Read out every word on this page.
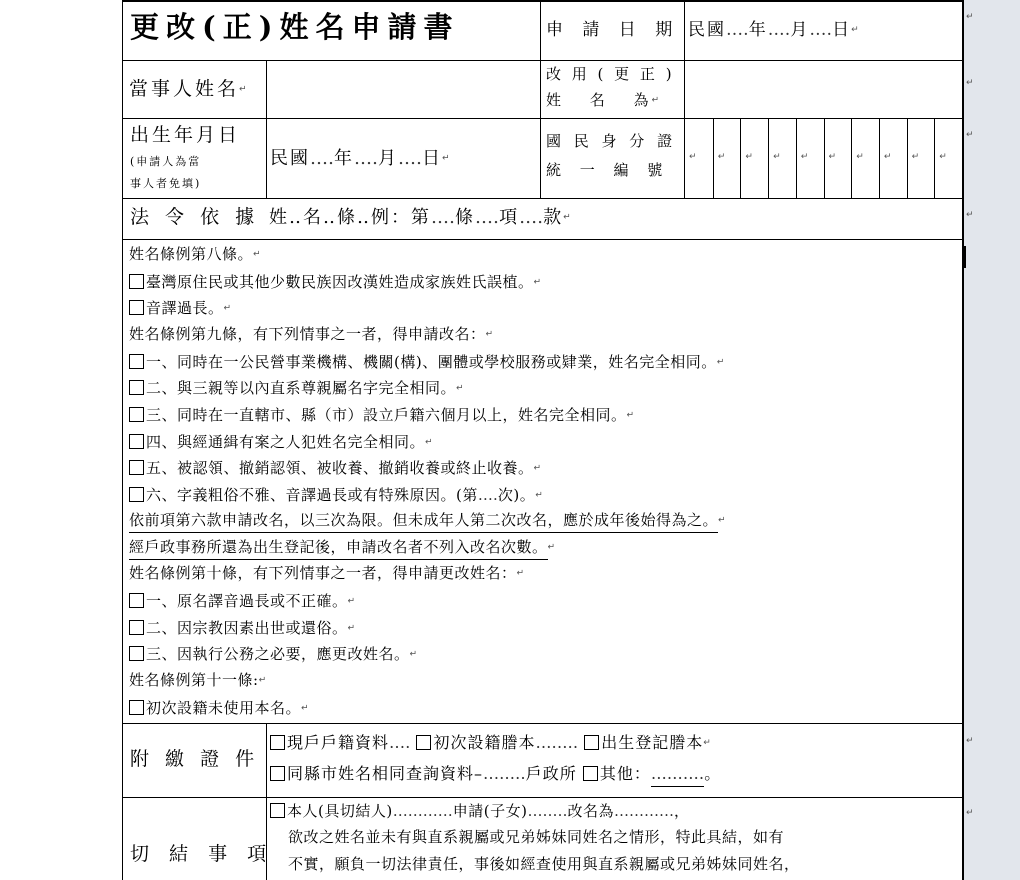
↵ ↵ ↵ ↵ ↵ ↵ ↵ ↵ ↵ ↵
更改(正)姓名申請書	申 請 日 期 民國‥‥年‥‥月‥‥日↵
當事人姓名↵
改 用 ( 更 正 )
姓　 名　 為↵
出生年月日
(申請人為當
事人者免填)
民國‥‥年‥‥月‥‥日↵
國 民 身 分 證
統 一 編 號
法 令 依 據 姓‥名‥條‥例：第‥‥條‥‥項‥‥款↵
姓名條例第八條。↵
臺灣原住民或其他少數民族因改漢姓造成家族姓氏誤植。↵
音譯過長。↵
姓名條例第九條，有下列情事之一者，得申請改名：↵
一、同時在一公民營事業機構、機關(構)、團體或學校服務或肄業，姓名完全相同。↵
二、與三親等以內直系尊親屬名字完全相同。↵
三、同時在一直轄市、縣（市）設立戶籍六個月以上，姓名完全相同。↵
四、與經通緝有案之人犯姓名完全相同。↵
五、被認領、撤銷認領、被收養、撤銷收養或終止收養。↵
六、字義粗俗不雅、音譯過長或有特殊原因。(第‥‥次)。↵
依前項第六款申請改名，以三次為限。但未成年人第二次改名，應於成年後始得為之。↵
經戶政事務所還為出生登記後，申請改名者不列入改名次數。↵
姓名條例第十條，有下列情事之一者，得申請更改姓名：↵
一、原名譯音過長或不正確。↵
二、因宗教因素出世或還俗。↵
三、因執行公務之必要，應更改姓名。↵
姓名條例第十一條:↵
初次設籍未使用本名。↵
附 繳 證 件
現戶戶籍資料‥‥ 初次設籍謄本‥‥‥‥ 出生登記謄本↵
同縣市姓名相同查詢資料–‥‥‥‥戶政所 其他：‥‥‥‥‥。
切 結 事 項
本人(具切結人)‥‥‥‥‥‥申請(子女)‥‥‥‥改名為‥‥‥‥‥‥，
欲改之姓名並未有與直系親屬或兄弟姊妹同姓名之情形，特此具結，如有
不實，願負一切法律責任，事後如經查使用與直系親屬或兄弟姊妹同姓名，
↵
↵
↵
↵
↵
↵
